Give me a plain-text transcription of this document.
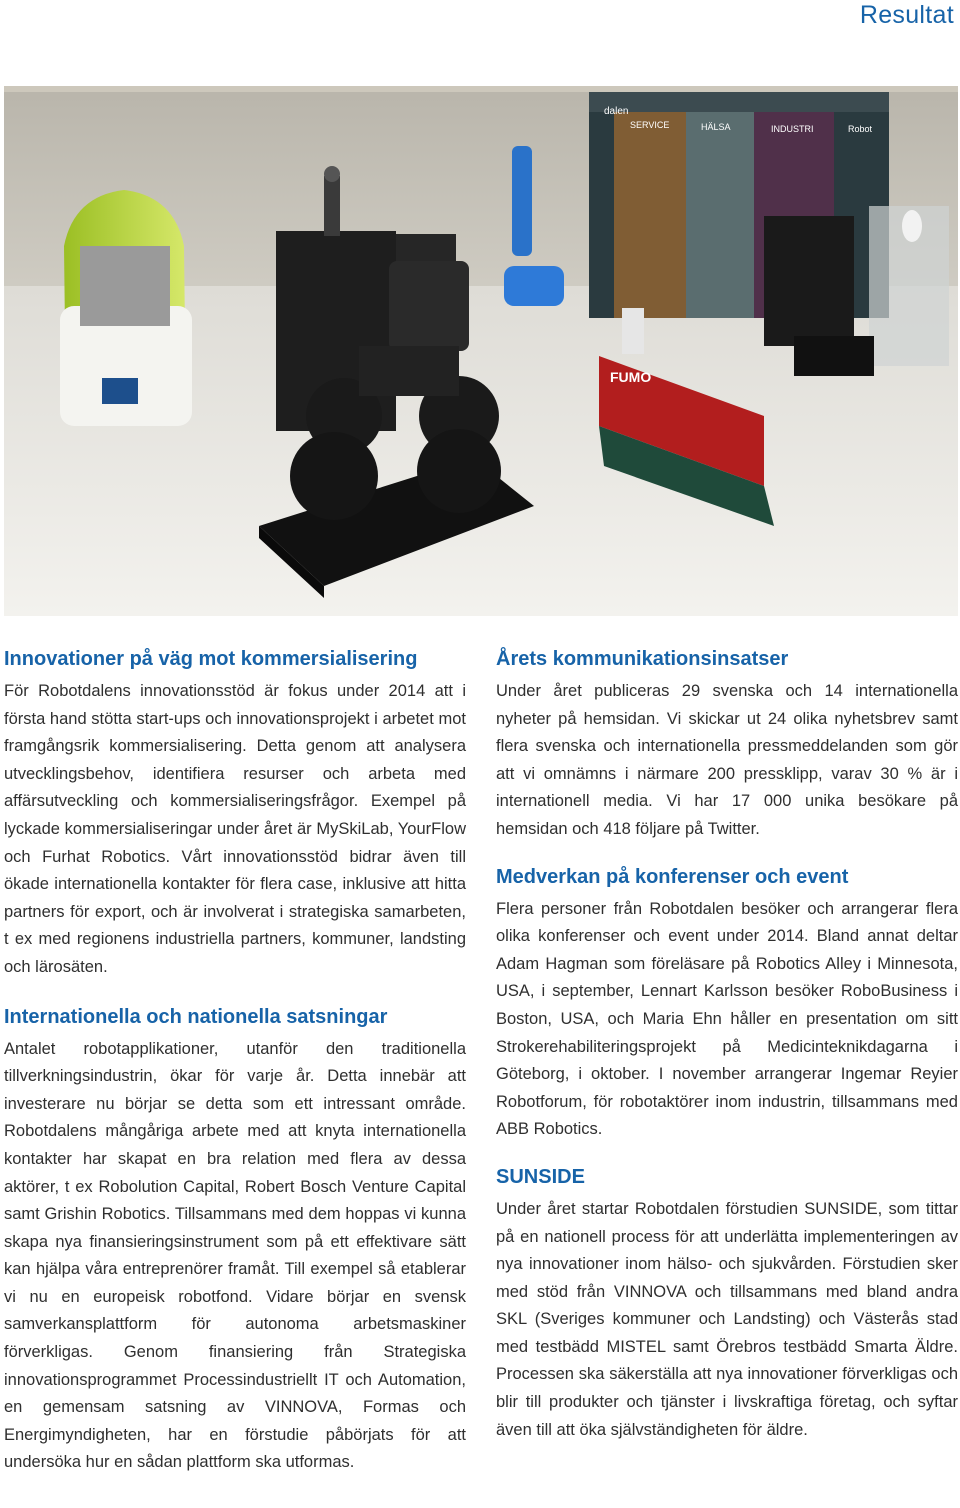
Resultat
dalen
SERVICE	HÄLSA	INDUSTRI	Robot
FUMO
Innovationer på väg mot kommersialisering

För Robotdalens innovationsstöd är fokus under 2014 att i första hand stötta start-ups och innovationsprojekt i arbetet mot framgångsrik kommersialisering. Detta genom att analysera utvecklingsbehov, identifiera resurser och arbeta med affärsutveckling och kommersialiseringsfrågor. Exempel på lyckade kommersialiseringar under året är MySkiLab, YourFlow och Furhat Robotics. Vårt innovationsstöd bidrar även till ökade internationella kontakter för flera case, inklusive att hitta partners för export, och är involverat i strategiska samarbeten, t ex med regionens industriella partners, kommuner, landsting och lärosäten.

Internationella och nationella satsningar

Antalet robotapplikationer, utanför den traditionella tillverkningsindustrin, ökar för varje år. Detta innebär att investerare nu börjar se detta som ett intressant område. Robotdalens mångåriga arbete med att knyta internationella kontakter har skapat en bra relation med flera av dessa aktörer, t ex Robolution Capital, Robert Bosch Venture Capital samt Grishin Robotics. Tillsammans med dem hoppas vi kunna skapa nya finansieringsinstrument som på ett effektivare sätt kan hjälpa våra entreprenörer framåt. Till exempel så etablerar vi nu en europeisk robotfond. Vidare börjar en svensk samverkansplattform för autonoma arbetsmaskiner förverkligas. Genom finansiering från Strategiska innovationsprogrammet Processindustriellt IT och Automation, en gemensam satsning av VINNOVA, Formas och Energimyndigheten, har en förstudie påbörjats för att undersöka hur en sådan plattform ska utformas.

Årets kommunikationsinsatser

Under året publiceras 29 svenska och 14 internationella nyheter på hemsidan. Vi skickar ut 24 olika nyhetsbrev samt flera svenska och internationella pressmeddelanden som gör att vi omnämns i närmare 200 pressklipp, varav 30 % är i internationell media. Vi har 17 000 unika besökare på hemsidan och 418 följare på Twitter.

Medverkan på konferenser och event

Flera personer från Robotdalen besöker och arrangerar flera olika konferenser och event under 2014. Bland annat deltar Adam Hagman som föreläsare på Robotics Alley i Minnesota, USA, i september, Lennart Karlsson besöker RoboBusiness i Boston, USA, och Maria Ehn håller en presentation om sitt Strokerehabiliteringsprojekt på Medicinteknikdagarna i Göteborg, i oktober. I november arrangerar Ingemar Reyier Robotforum, för robotaktörer inom industrin, tillsammans med ABB Robotics.

SUNSIDE

Under året startar Robotdalen förstudien SUNSIDE, som tittar på en nationell process för att underlätta implementeringen av nya innovationer inom hälso- och sjukvården. Förstudien sker med stöd från VINNOVA och tillsammans med bland andra SKL (Sveriges kommuner och Landsting) och Västerås stad med testbädd MISTEL samt Örebros testbädd Smarta Äldre. Processen ska säkerställa att nya innovationer förverkligas och blir till produkter och tjänster i livskraftiga företag, och syftar även till att öka självständigheten för äldre.
